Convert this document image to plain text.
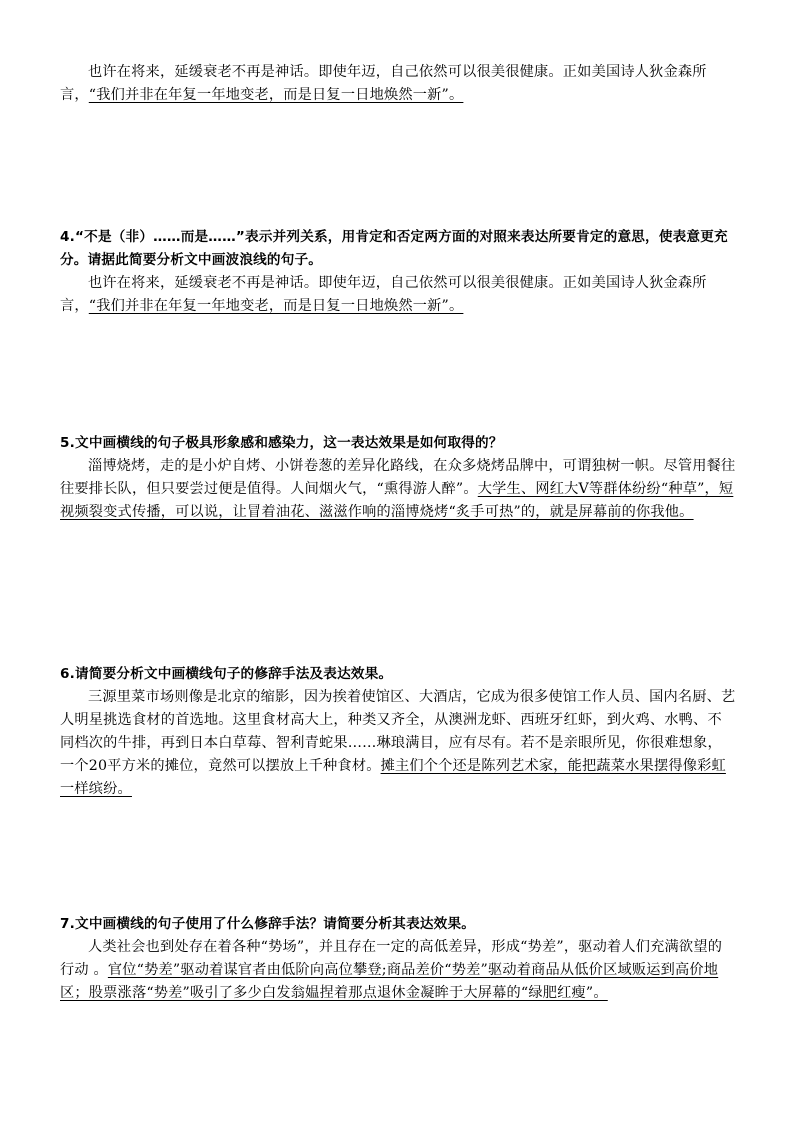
也许在将来，延缓衰老不再是神话。即使年迈，自己依然可以很美很健康。正如美国诗人狄金森所言，“我们并非在年复一年地变老，而是日复一日地焕然一新”。

4.“不是（非）……而是……”表示并列关系，用肯定和否定两方面的对照来表达所要肯定的意思，使表意更充分。请据此简要分析文中画波浪线的句子。

也许在将来，延缓衰老不再是神话。即使年迈，自己依然可以很美很健康。正如美国诗人狄金森所言，“我们并非在年复一年地变老，而是日复一日地焕然一新”。

5.文中画横线的句子极具形象感和感染力，这一表达效果是如何取得的？

淄博烧烤，走的是小炉自烤、小饼卷葱的差异化路线，在众多烧烤品牌中，可谓独树一帜。尽管用餐往往要排长队，但只要尝过便是值得。人间烟火气，“熏得游人醉”。大学生、网红大V等群体纷纷“种草”，短视频裂变式传播，可以说，让冒着油花、滋滋作响的淄博烧烤“炙手可热”的，就是屏幕前的你我他。

6.请简要分析文中画横线句子的修辞手法及表达效果。

三源里菜市场则像是北京的缩影，因为挨着使馆区、大酒店，它成为很多使馆工作人员、国内名厨、艺人明星挑选食材的首选地。这里食材高大上，种类又齐全，从澳洲龙虾、西班牙红虾，到火鸡、水鸭、不同档次的牛排，再到日本白草莓、智利青蛇果……琳琅满目，应有尽有。若不是亲眼所见，你很难想象，一个20平方米的摊位，竟然可以摆放上千种食材。摊主们个个还是陈列艺术家，能把蔬菜水果摆得像彩虹一样缤纷。

7.文中画横线的句子使用了什么修辞手法？请简要分析其表达效果。

人类社会也到处存在着各种“势场”，并且存在一定的高低差异，形成“势差”，驱动着人们充满欲望的行动 。官位“势差”驱动着谋官者由低阶向高位攀登;商品差价“势差”驱动着商品从低价区域贩运到高价地区；股票涨落“势差”吸引了多少白发翁媪捏着那点退休金凝眸于大屏幕的“绿肥红瘦”。
